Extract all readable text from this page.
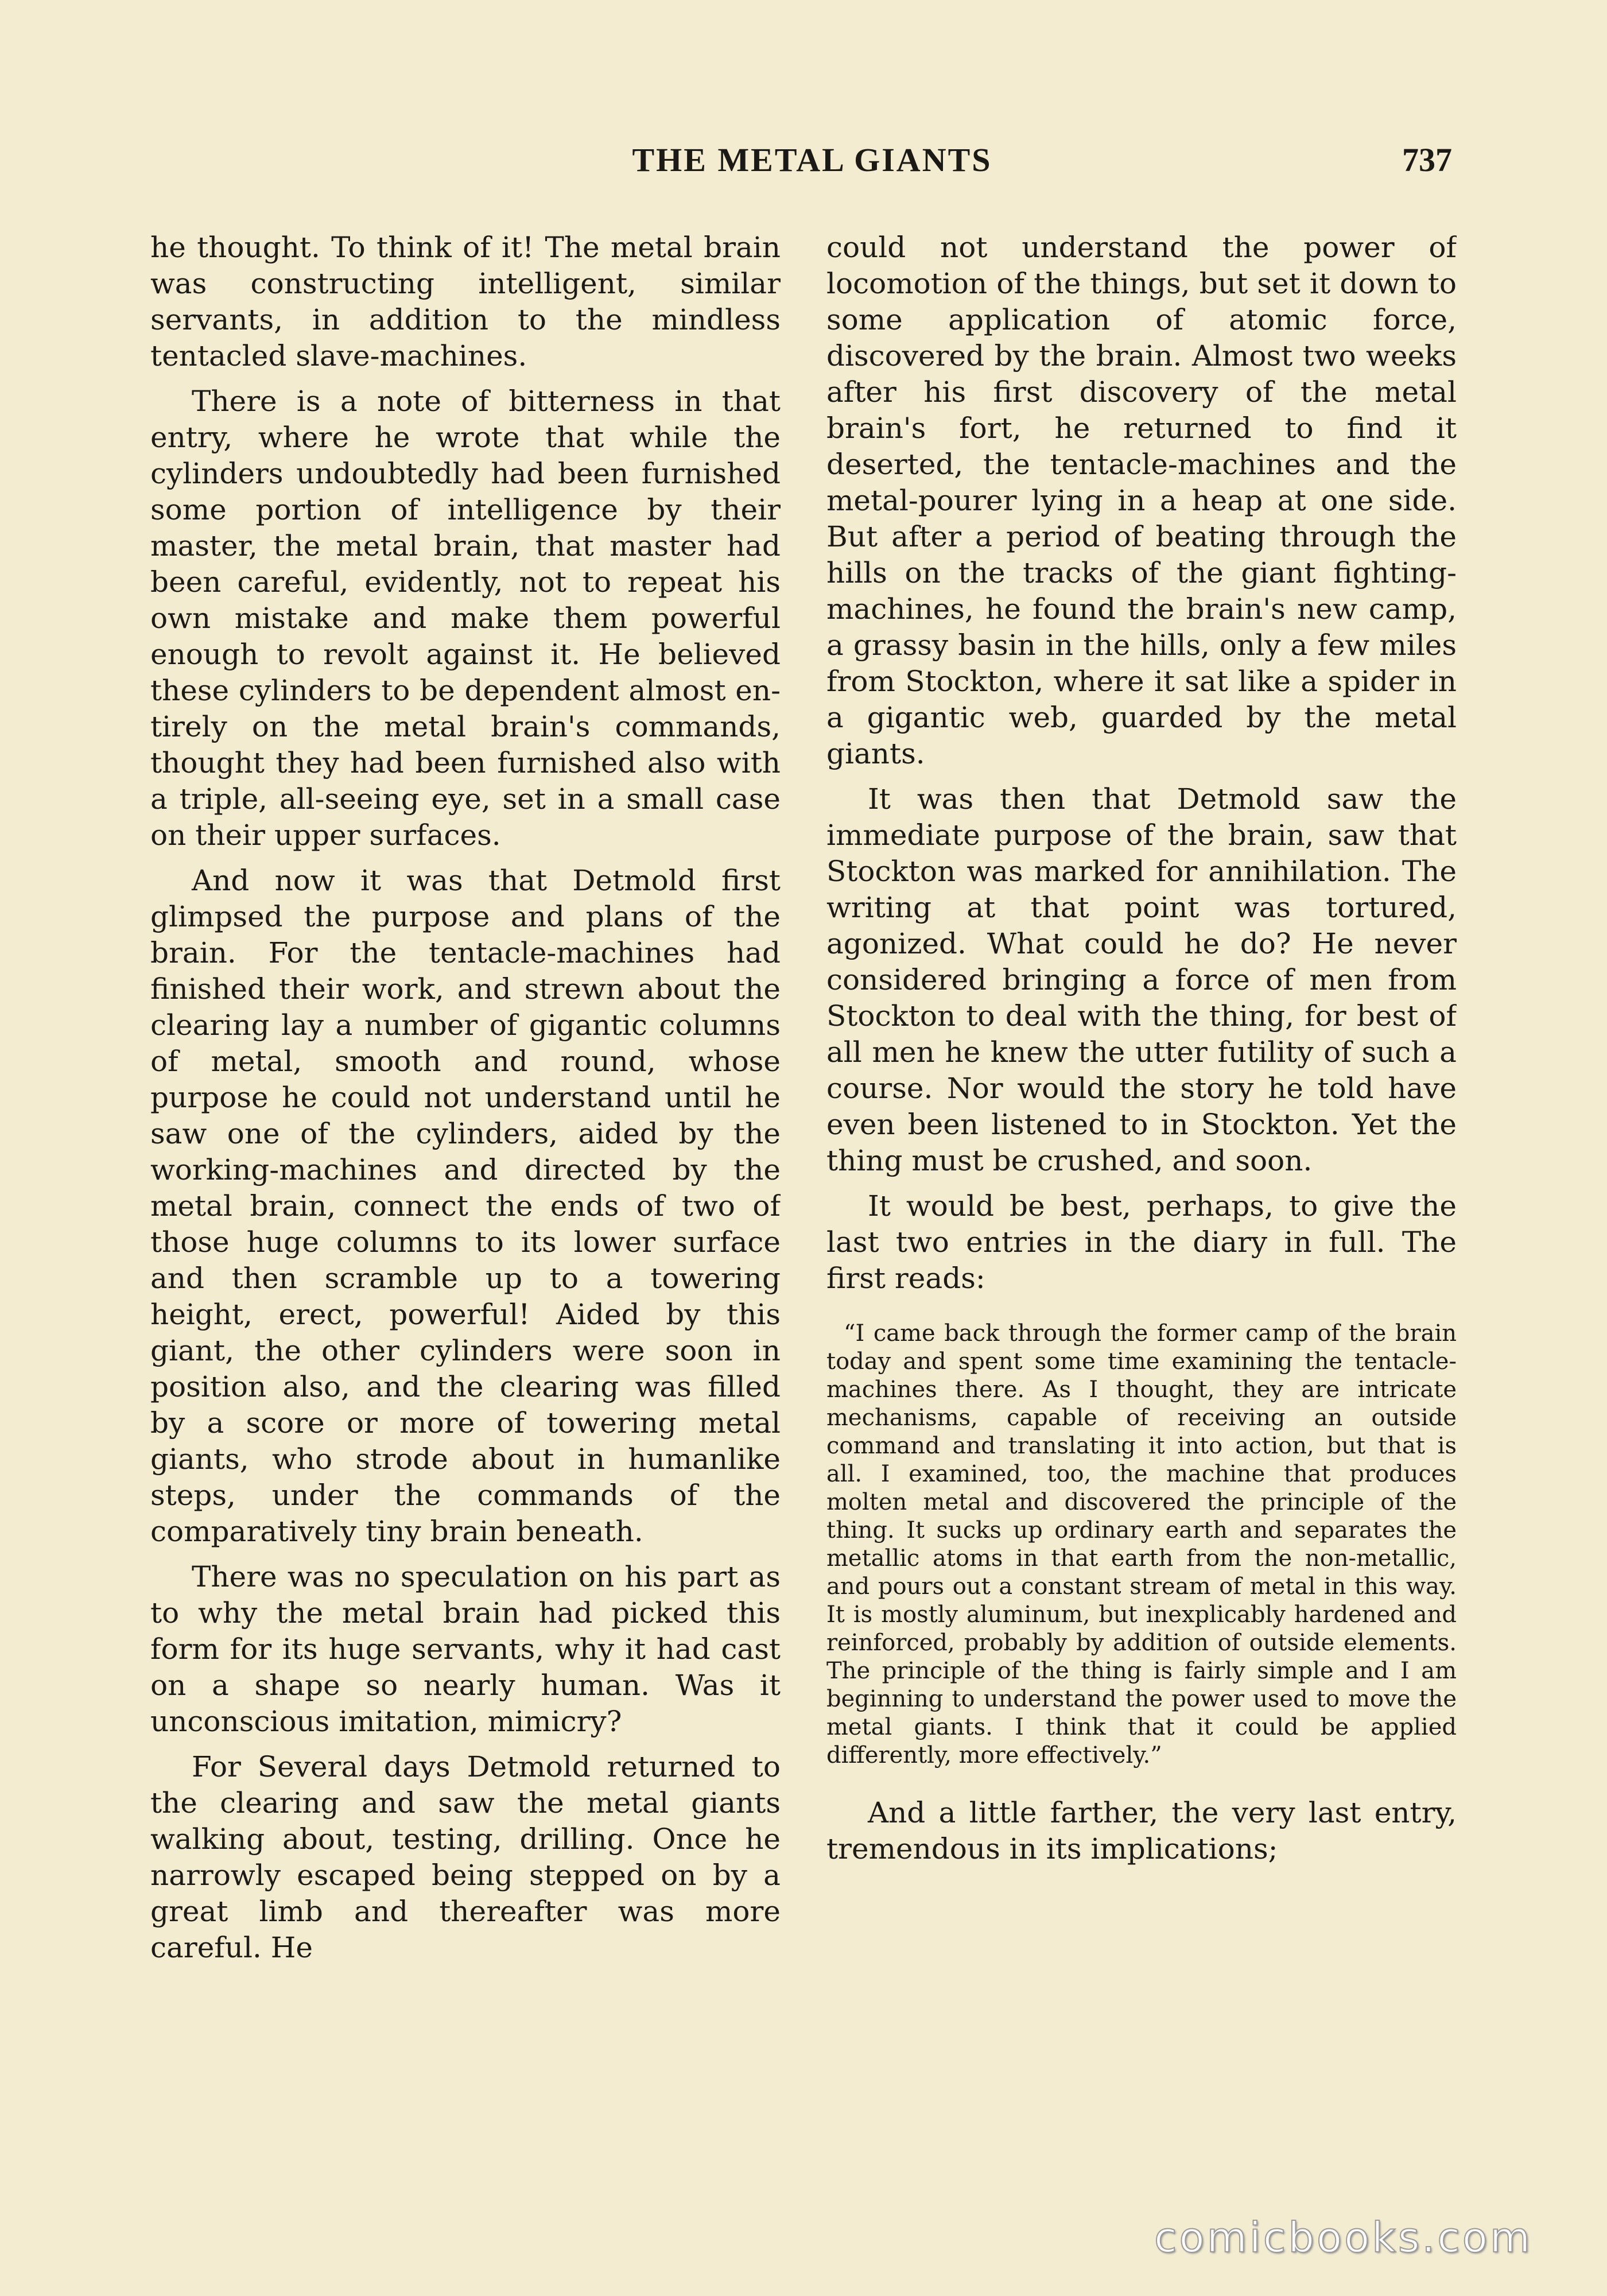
THE METAL GIANTS	737

he thought. To think of it! The metal brain was constructing intelligent, similar servants, in addition to the mindless tentacled slave-machines.

There is a note of bitterness in that entry, where he wrote that while the cylinders undoubtedly had been furnished some portion of intelligence by their master, the metal brain, that master had been careful, evidently, not to repeat his own mistake and make them powerful enough to revolt against it. He believed these cylinders to be dependent almost entirely on the metal brain's commands, thought they had been furnished also with a triple, all-seeing eye, set in a small case on their upper surfaces.

And now it was that Detmold first glimpsed the purpose and plans of the brain. For the tentacle-machines had finished their work, and strewn about the clearing lay a number of gigantic columns of metal, smooth and round, whose purpose he could not understand until he saw one of the cylinders, aided by the working-machines and directed by the metal brain, connect the ends of two of those huge columns to its lower surface and then scramble up to a towering height, erect, powerful! Aided by this giant, the other cylinders were soon in position also, and the clearing was filled by a score or more of towering metal giants, who strode about in humanlike steps, under the commands of the comparatively tiny brain beneath.

There was no speculation on his part as to why the metal brain had picked this form for its huge servants, why it had cast on a shape so nearly human. Was it unconscious imitation, mimicry?

For Several days Detmold returned to the clearing and saw the metal giants walking about, testing, drilling. Once he narrowly escaped being stepped on by a great limb and thereafter was more careful. He

could not understand the power of locomotion of the things, but set it down to some application of atomic force, discovered by the brain. Almost two weeks after his first discovery of the metal brain's fort, he returned to find it deserted, the tentacle-machines and the metal-pourer lying in a heap at one side. But after a period of beating through the hills on the tracks of the giant fighting-machines, he found the brain's new camp, a grassy basin in the hills, only a few miles from Stockton, where it sat like a spider in a gigantic web, guarded by the metal giants.

It was then that Detmold saw the immediate purpose of the brain, saw that Stockton was marked for annihilation. The writing at that point was tortured, agonized. What could he do? He never considered bringing a force of men from Stockton to deal with the thing, for best of all men he knew the utter futility of such a course. Nor would the story he told have even been listened to in Stockton. Yet the thing must be crushed, and soon.

It would be best, perhaps, to give the last two entries in the diary in full. The first reads:

“I came back through the former camp of the brain today and spent some time examining the tentacle-machines there. As I thought, they are intricate mechanisms, capable of receiving an outside command and translating it into action, but that is all. I examined, too, the machine that produces molten metal and discovered the principle of the thing. It sucks up ordinary earth and separates the metallic atoms in that earth from the non-metallic, and pours out a constant stream of metal in this way. It is mostly aluminum, but inexplicably hardened and reinforced, probably by addition of outside elements. The principle of the thing is fairly simple and I am beginning to understand the power used to move the metal giants. I think that it could be applied differently, more effectively.”

And a little farther, the very last entry, tremendous in its implications;

comicbooks.com
